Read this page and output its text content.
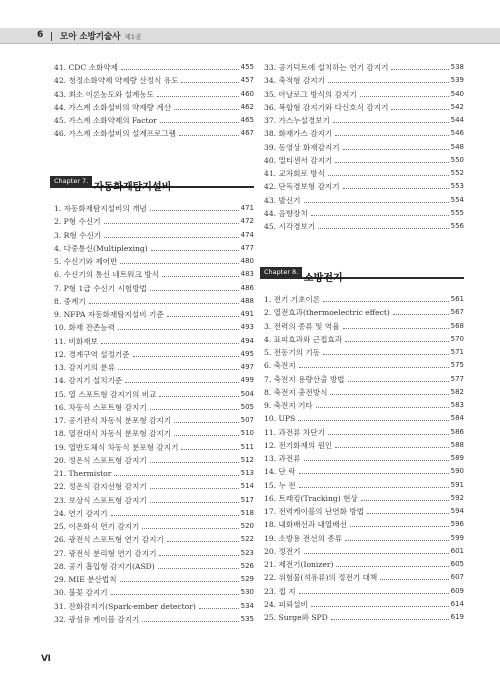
6 모아 소방기술사 제1권
41. CDC 소화약제	455
42. 청정소화약제 약제량 산정식 유도	457
43. 최소 이론농도와 설계농도	460
44. 가스계 소화설비의 약제량 계산	462
45. 가스계 소화약제의 Factor	465
46. 가스계 소화설비의 설계프로그램	467
Chapter 7.
자동화재탐지설비
1. 자동화재탐지설비의 개념	471
2. P형 수신기	472
3. R형 수신기	474
4. 다중통신(Multiplexing)	477
5. 수신기와 제어반	480
6. 수신기의 통신 네트워크 방식	483
7. P형 1급 수신기 시험방법	486
8. 중계기	488
9. NFPA 자동화재탐지설비 기준	491
10. 화재 잔존능력	493
11. 비화재보	494
12. 경계구역 설정기준	495
13. 감지기의 분류	497
14. 감지기 설치기준	499
15. 열 스포트형 감지기의 비교	504
16. 차동식 스포트형 감지기	505
17. 공기관식 차동식 분포형 감지기	507
18. 열전대식 차동식 분포형 감지기	510
19. 열반도체식 차동식 분포형 감지기	511
20. 정온식 스포트형 감지기	512
21. Thermistor	513
22. 정온식 감지선형 감지기	514
23. 보상식 스포트형 감지기	517
24. 연기 감지기	518
25. 이온화식 연기 감지기	520
26. 광전식 스포트형 연기 감지기	522
27. 광전식 분리형 연기 감지기	523
28. 공기 흡입형 감지기(ASD)	526
29. MIE 분산법칙	529
30. 불꽃 감지기	530
31. 잔화감지기(Spark-ember detector)	534
32. 광섬유 케이블 감지기	535
33. 공기덕트에 설치하는 연기 감지기	538
34. 축적형 감지기	539
35. 아날로그 방식의 감지기	540
36. 복합형 감지기와 다신호식 감지기	542
37. 가스누설경보기	544
38. 화재가스 감지기	546
39. 동영상 화재감지기	548
40. 멀티센서 감지기	550
41. 교차회로 방식	552
42. 단독경보형 감지기	553
43. 발신기	554
44. 음향장치	555
45. 시각경보기	556
Chapter 8.
소방전기
1. 전기 기초이론	561
2. 열전효과(thermoelectric effect)	567
3. 전력의 종류 및 역율	568
4. 표피효과와 근접효과	570
5. 전동기의 기동	571
6. 축전지	575
7. 축전지 용량산출 방법	577
8. 축전지 충전방식	582
9. 축전지 기타	583
10. UPS	584
11. 과전류 차단기	586
12. 전기화재의 원인	588
13. 과전류	589
14. 단 락	590
15. 누 전	591
16. 트래킹(Tracking) 현상	592
17. 전력케이블의 난연화 방법	594
18. 내화배선과 내열배선	596
19. 소방용 전선의 종류	599
20. 정전기	601
21. 제전기(Ionizer)	605
22. 위험물(석유류)의 정전기 대책	607
23. 접 지	609
24. 피뢰설비	614
25. Surge와 SPD	619
Ⅵ
